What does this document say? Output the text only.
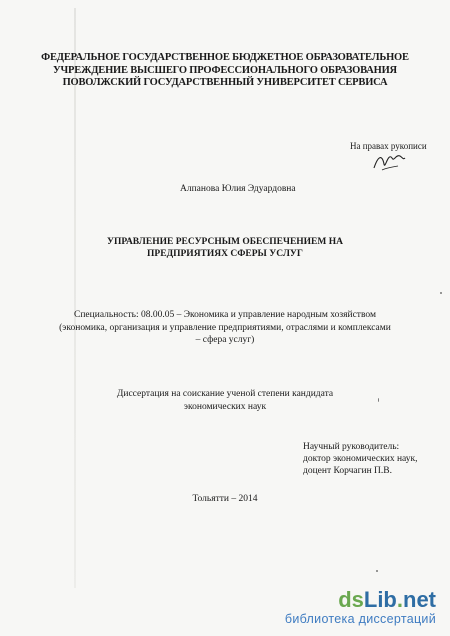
ФЕДЕРАЛЬНОЕ ГОСУДАРСТВЕННОЕ БЮДЖЕТНОЕ ОБРАЗОВАТЕЛЬНОЕ
УЧРЕЖДЕНИЕ ВЫСШЕГО ПРОФЕССИОНАЛЬНОГО ОБРАЗОВАНИЯ
ПОВОЛЖСКИЙ ГОСУДАРСТВЕННЫЙ УНИВЕРСИТЕТ СЕРВИСА
На правах рукописи
Алпанова Юлия Эдуардовна
УПРАВЛЕНИЕ РЕСУРСНЫМ ОБЕСПЕЧЕНИЕМ НА
ПРЕДПРИЯТИЯХ СФЕРЫ УСЛУГ
Специальность: 08.00.05 – Экономика и управление народным хозяйством
(экономика, организация и управление предприятиями, отраслями и комплексами
– сфера услуг)
Диссертация на соискание ученой степени кандидата
экономических наук
Научный руководитель:
доктор экономических наук,
доцент Корчагин П.В.
Тольятти – 2014
dsLib.net
библиотека диссертаций
